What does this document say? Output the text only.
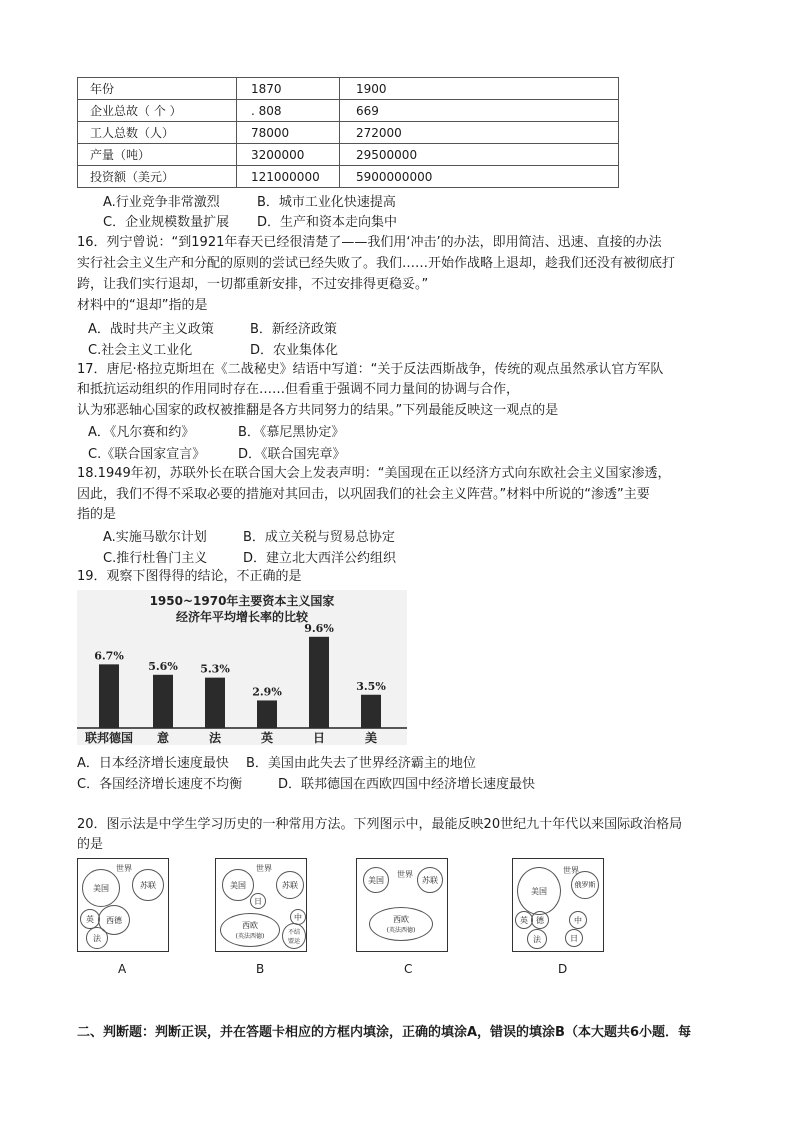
年份	1870	1900
企业总故（ 个 ）	. 808	669
工人总数（人）	78000	272000
产量（吨）	3200000	29500000
投资额（美元）	121000000	5900000000
A.行业竞争非常激烈	B．城市工业化快速提高
C．企业规模数量扩展 D．生产和资本走向集中
16．列宁曾说：“到1921年春天已经很清楚了——我们用‘冲击’的办法，即用简洁、迅速、直接的办法
实行社会主义生产和分配的原则的尝试已经失败了。我们……开始作战略上退却，趁我们还没有被彻底打
跨，让我们实行退却，一切都重新安排，不过安排得更稳妥。”
材料中的“退却”指的是
A．战时共产主义政策	B．新经济政策
C.社会主义工业化	D．农业集体化
17．唐尼·格拉克斯坦在《二战秘史》结语中写道：“关于反法西斯战争，传统的观点虽然承认官方军队
和抵抗运动组织的作用同时存在……但看重于强调不同力量间的协调与合作，
认为邪恶轴心国家的政权被推翻是各方共同努力的结果。”下列最能反映这一观点的是
A．《凡尔赛和约》	B．《慕尼黑协定》
C.《联合国家宣言》	D．《联合国宪章》
18.1949年初，苏联外长在联合国大会上发表声明：“美国现在正以经济方式向东欧社会主义国家渗透，
因此，我们不得不采取必要的措施对其回击，以巩固我们的社会主义阵营。”材料中所说的“渗透”主要
指的是
A.实施马歇尔计划	B．成立关税与贸易总协定
C.推行杜鲁门主义	D．建立北大西洋公约组织
19．观察下图得得的结论，不正确的是
1950~1970年主要资本主义国家
经济年平均增长率的比较
6.7%
联邦德国
5.6%
意
5.3%
法
2.9%
英
9.6%
日
3.5%
美
A．日本经济增长速度最快 B．美国由此失去了世界经济霸主的地位
C．各国经济增长速度不均衡	D．联邦德国在西欧四国中经济增长速度最快
20．图示法是中学生学习历史的一种常用方法。下列图示中，最能反映20世纪九十年代以来国际政治格局
的是
世界
美国	苏联
英 西德
法
A
世界
美国	苏联
日
中
西欧
(英法西德)
不结
盟运
B
世界
美国	苏联
西欧
(英法西德)
C
世界
美国
俄罗斯
英 德	中
法	日
D
二、判断题：判断正误，并在答题卡相应的方框内填涂，正确的填涂A，错误的填涂B（本大题共6小题．每
